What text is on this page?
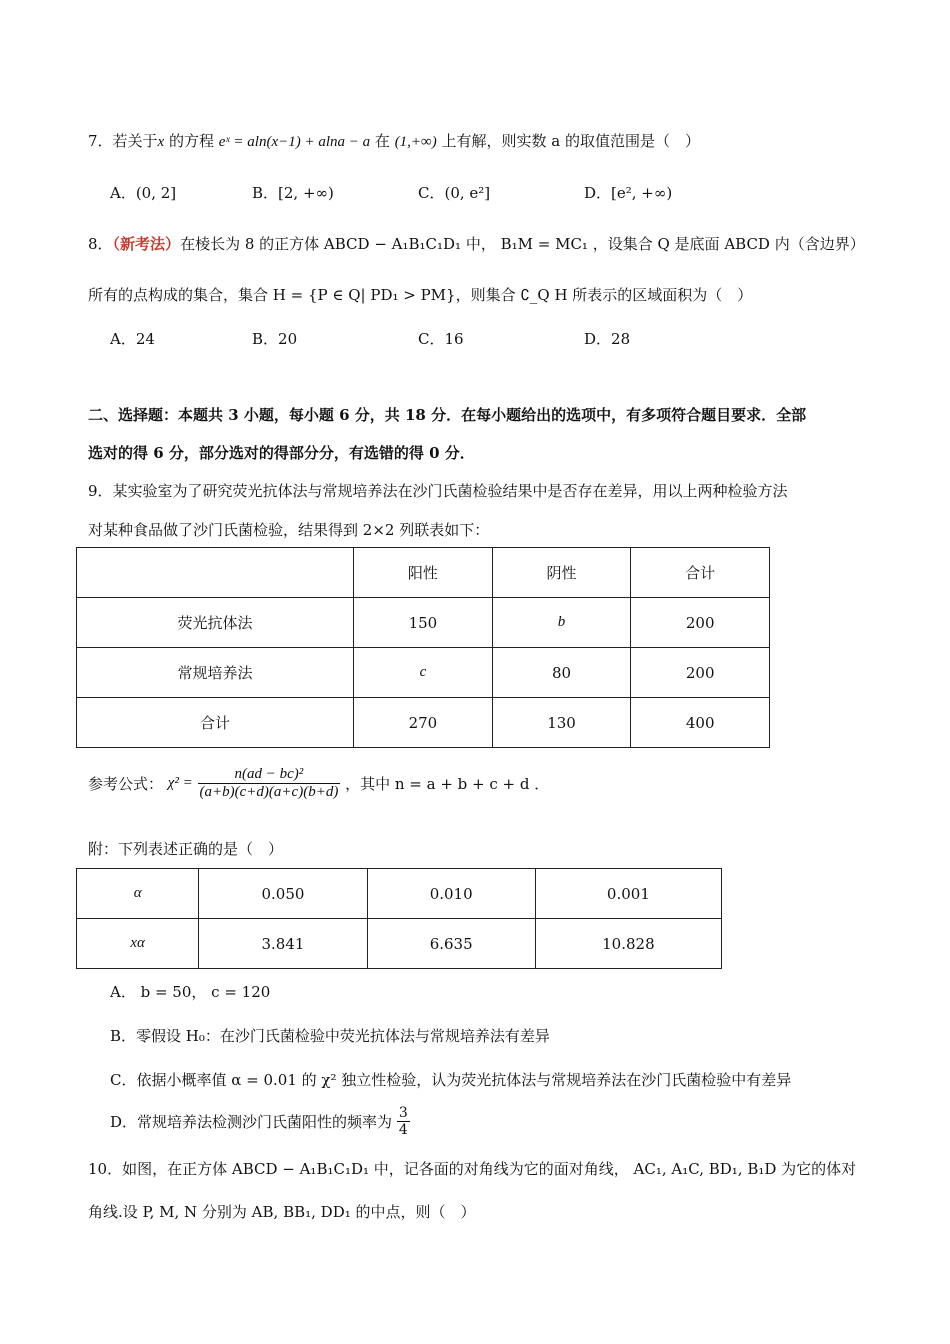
7．若关于x 的方程 eˣ = aln(x−1) + alna − a 在 (1,+∞) 上有解，则实数 a 的取值范围是（　）
A．(0, 2]	B．[2, +∞)	C．(0, e²]	D．[e², +∞)
8．（新考法）在棱长为 8 的正方体 ABCD − A₁B₁C₁D₁ 中， B₁M = MC₁ ，设集合 Q 是底面 ABCD 内（含边界）
所有的点构成的集合，集合 H = {P ∈ Q| PD₁ > PM}，则集合 ∁_Q H 所表示的区域面积为（　）
A．24	B．20	C．16	D．28
二、选择题：本题共 3 小题，每小题 6 分，共 18 分．在每小题给出的选项中，有多项符合题目要求．全部
选对的得 6 分，部分选对的得部分分，有选错的得 0 分．
9．某实验室为了研究荧光抗体法与常规培养法在沙门氏菌检验结果中是否存在差异，用以上两种检验方法
对某种食品做了沙门氏菌检验，结果得到 2×2 列联表如下：
	阳性	阴性	合计
荧光抗体法	150	b	200
常规培养法	c	80	200
合计	270	130	400
参考公式： $\chi^2 = \frac{\text{n(ad − bc)²}}{(a+b)(c+d)(a+c)(b+d)}$ ，其中 n = a + b + c + d ．
附：下列表述正确的是（　）
α	0.050	0.010	0.001
xα	3.841	6.635	10.828
A． b = 50， c = 120
B．零假设 H₀：在沙门氏菌检验中荧光抗体法与常规培养法有差异
C．依据小概率值 α = 0.01 的 χ² 独立性检验，认为荧光抗体法与常规培养法在沙门氏菌检验中有差异
D．常规培养法检测沙门氏菌阳性的频率为 $\frac{3}{4}$
10．如图，在正方体 ABCD − A₁B₁C₁D₁ 中，记各面的对角线为它的面对角线， AC₁, A₁C, BD₁, B₁D 为它的体对
角线.设 P, M, N 分别为 AB, BB₁, DD₁ 的中点，则（　）
